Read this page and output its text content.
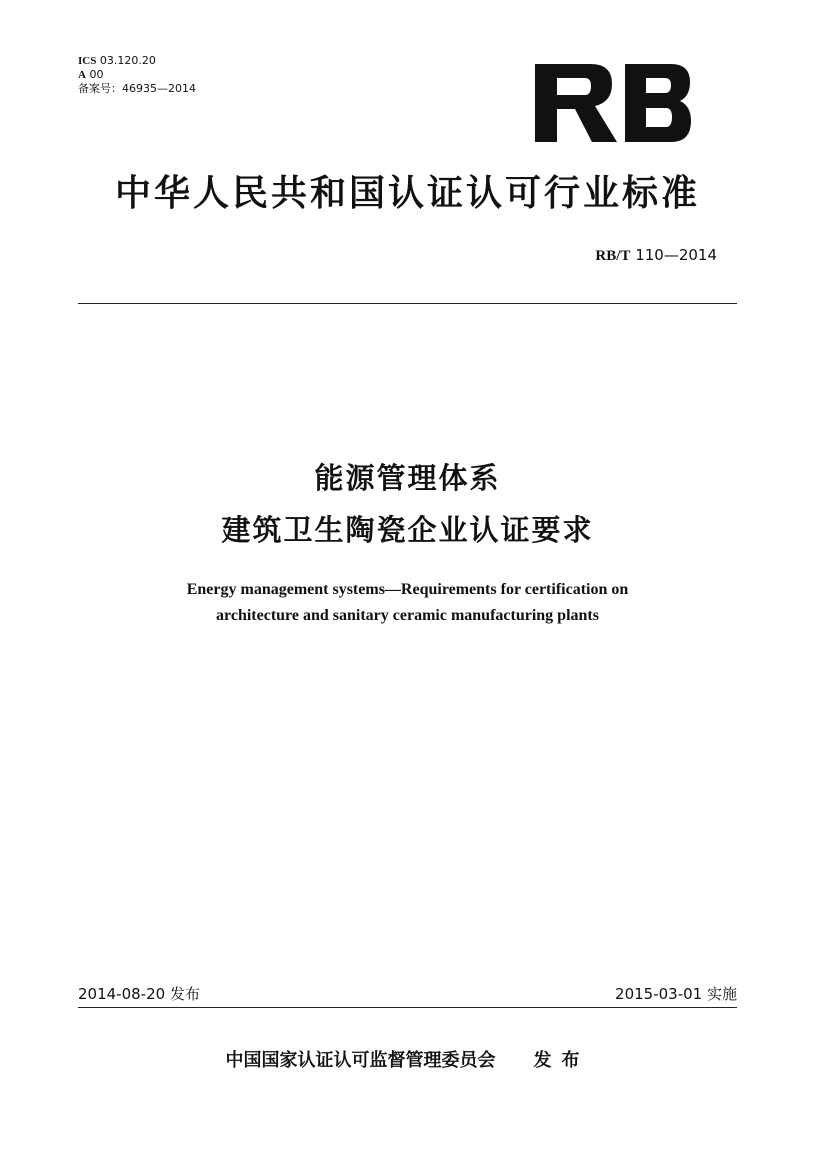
ICS 03.120.20
A 00
备案号：46935—2014
中华人民共和国认证认可行业标准
RB/T 110—2014
能源管理体系
建筑卫生陶瓷企业认证要求
Energy management systems—Requirements for certification on
architecture and sanitary ceramic manufacturing plants
2014-08-20 发布	2015-03-01 实施
中国国家认证认可监督管理委员会 发布
